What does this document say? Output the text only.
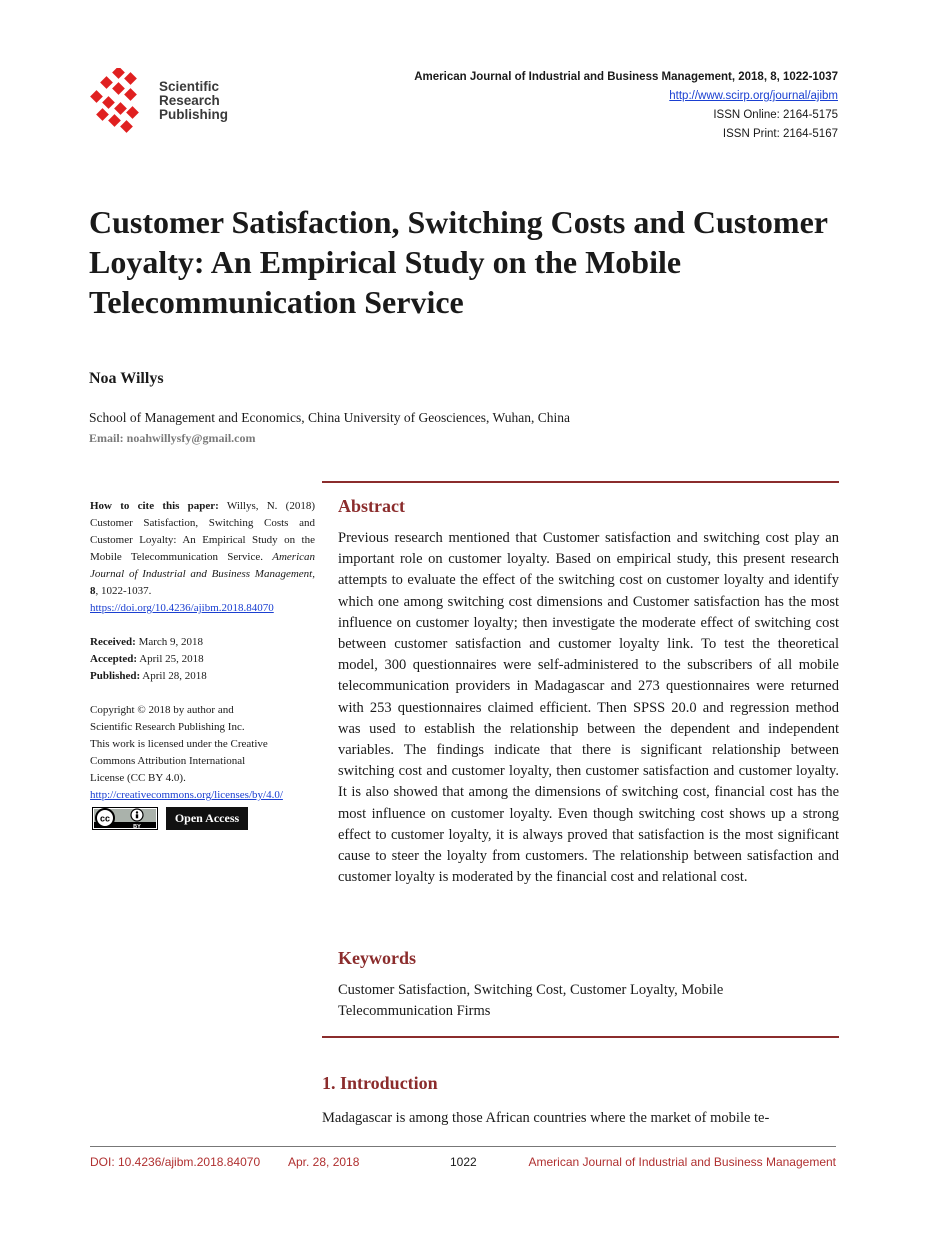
Scientific
Research
Publishing
American Journal of Industrial and Business Management, 2018, 8, 1022-1037
http://www.scirp.org/journal/ajibm
ISSN Online: 2164-5175
ISSN Print: 2164-5167
Customer Satisfaction, Switching Costs and Customer Loyalty: An Empirical Study on the Mobile Telecommunication Service
Noa Willys
School of Management and Economics, China University of Geosciences, Wuhan, China
Email: noahwillysfy@gmail.com

How to cite this paper: Willys, N. (2018) Customer Satisfaction, Switching Costs and Customer Loyalty: An Empirical Study on the Mobile Telecommunication Service. American Journal of Industrial and Business Management, 8, 1022-1037.

https://doi.org/10.4236/ajibm.2018.84070

Received: March 9, 2018

Accepted: April 25, 2018

Published: April 28, 2018

Copyright © 2018 by author and

Scientific Research Publishing Inc.

This work is licensed under the Creative

Commons Attribution International

License (CC BY 4.0).

http://creativecommons.org/licenses/by/4.0/

cc
BY
Open Access
Abstract

Previous research mentioned that Customer satisfaction and switching cost play an important role on customer loyalty. Based on empirical study, this present research attempts to evaluate the effect of the switching cost on customer loyalty and identify which one among switching cost dimensions and Customer satisfaction has the most influence on customer loyalty; then investigate the moderate effect of switching cost between customer satisfaction and customer loyalty link. To test the theoretical model, 300 questionnaires were self-administered to the subscribers of all mobile telecommunication providers in Madagascar and 273 questionnaires were returned with 253 questionnaires claimed efficient. Then SPSS 20.0 and regression method was used to establish the relationship between the dependent and independent variables. The findings indicate that there is significant relationship between switching cost and customer loyalty, then customer satisfaction and customer loyalty. It is also showed that among the dimensions of switching cost, financial cost has the most influence on customer loyalty. Even though switching cost shows up a strong effect to customer loyalty, it is always proved that satisfaction is the most significant cause to steer the loyalty from customers. The relationship between satisfaction and customer loyalty is moderated by the financial cost and relational cost.

Keywords

Customer Satisfaction, Switching Cost, Customer Loyalty, Mobile Telecommunication Firms

1. Introduction

Madagascar is among those African countries where the market of mobile te-

DOI: 10.4236/ajibm.2018.84070 Apr. 28, 2018	1022	American Journal of Industrial and Business Management
